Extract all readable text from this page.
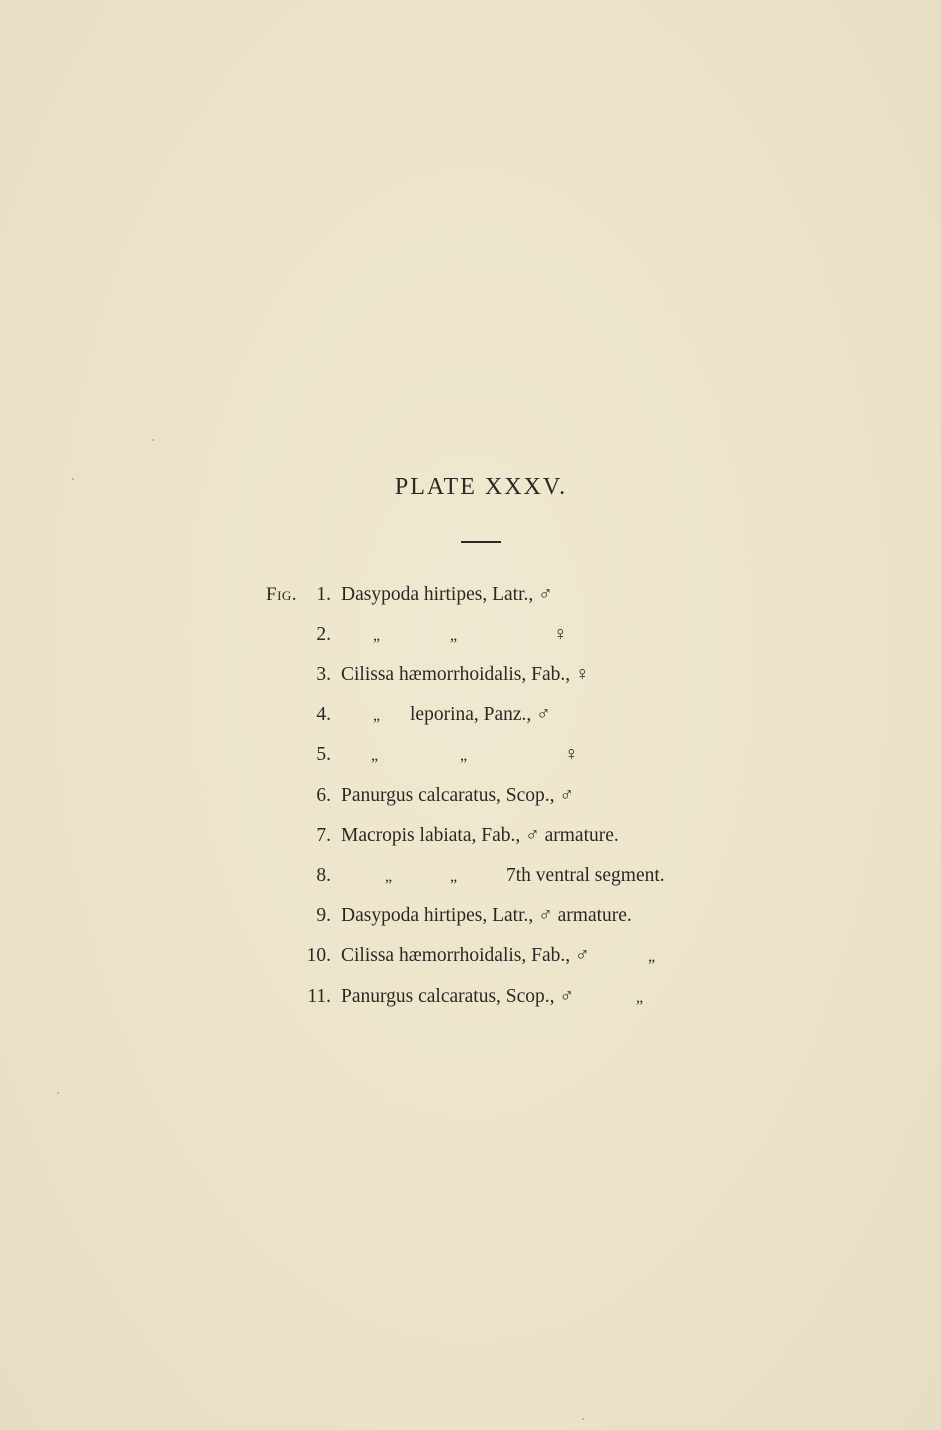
PLATE XXXV.
Fig. 1. Dasypoda hirtipes, Latr., ♂
2.	„	„	♀
3. Cilissa hæmorrhoidalis, Fab., ♀
4.	„ leporina, Panz., ♂
5.	„	„	♀
6. Panurgus calcaratus, Scop., ♂
7. Macropis labiata, Fab., ♂ armature.
8.	„	„	7th ventral segment.
9. Dasypoda hirtipes, Latr., ♂ armature.
10. Cilissa hæmorrhoidalis, Fab., ♂	„
11. Panurgus calcaratus, Scop., ♂	„
